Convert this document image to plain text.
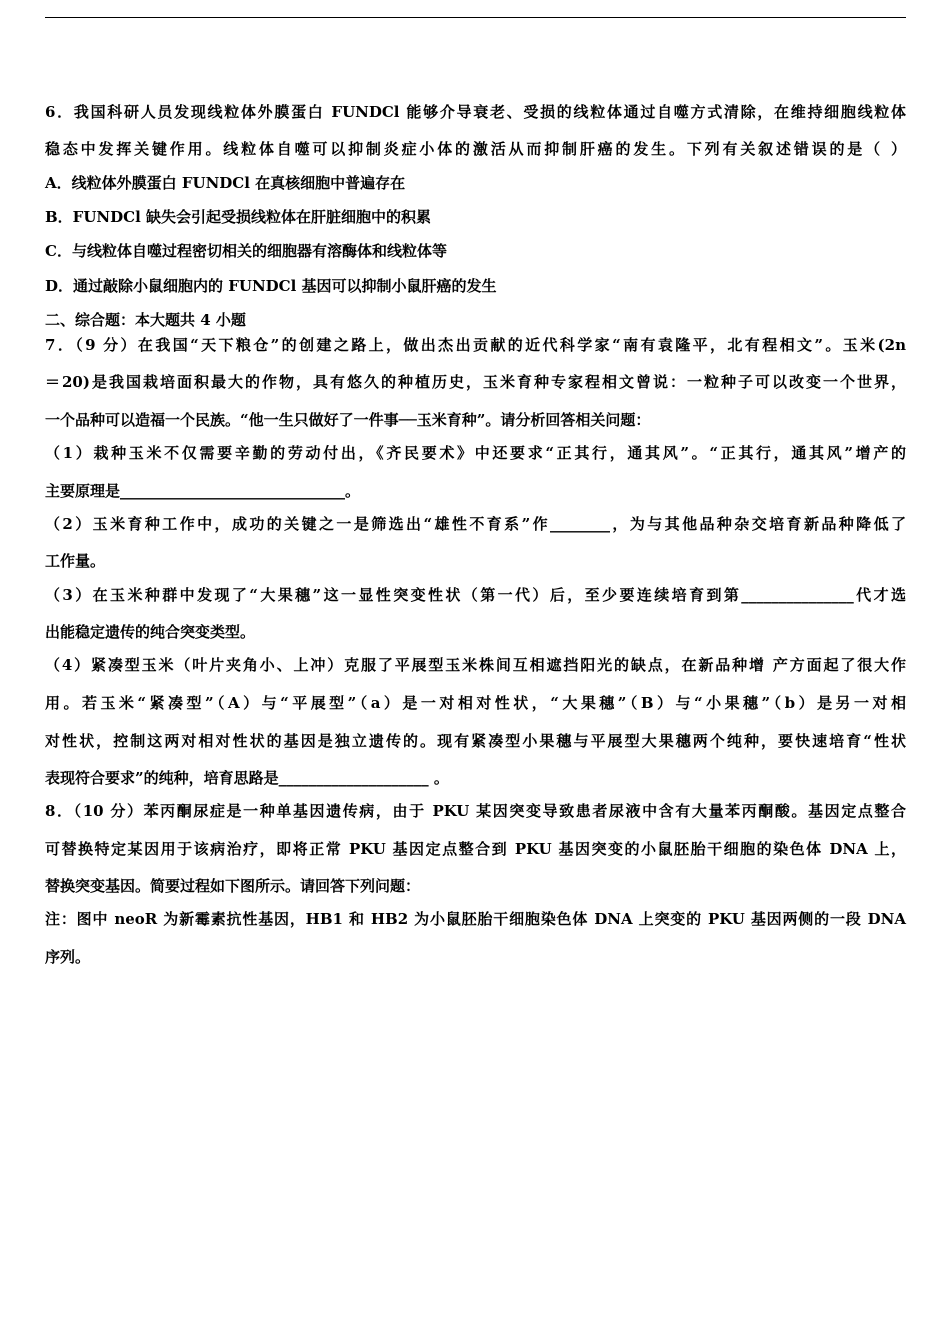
6．我国科研人员发现线粒体外膜蛋白 FUNDCl 能够介导衰老、受损的线粒体通过自噬方式清除，在维持细胞线粒体
稳态中发挥关键作用。线粒体自噬可以抑制炎症小体的激活从而抑制肝癌的发生。下列有关叙述错误的是（ ）
A．线粒体外膜蛋白 FUNDCl 在真核细胞中普遍存在
B．FUNDCl 缺失会引起受损线粒体在肝脏细胞中的积累
C．与线粒体自噬过程密切相关的细胞器有溶酶体和线粒体等
D．通过敲除小鼠细胞内的 FUNDCl 基因可以抑制小鼠肝癌的发生
二、综合题：本大题共 4 小题
7．（9 分）在我国“天下粮仓”的创建之路上，做出杰出贡献的近代科学家“南有袁隆平，北有程相文”。玉米(2n
＝20)是我国栽培面积最大的作物，具有悠久的种植历史，玉米育种专家程相文曾说：一粒种子可以改变一个世界，
一个品种可以造福一个民族。“他一生只做好了一件事──玉米育种”。请分析回答相关问题：
（1）栽种玉米不仅需要辛勤的劳动付出，《齐民要术》中还要求“正其行，通其风”。“正其行，通其风”增产的
主要原理是______________________________。
（2）玉米育种工作中，成功的关键之一是筛选出“雄性不育系”作________，为与其他品种杂交培育新品种降低了
工作量。
（3）在玉米种群中发现了“大果穗”这一显性突变性状（第一代）后，至少要连续培育到第_______________代才选
出能稳定遗传的纯合突变类型。
（4）紧凑型玉米（叶片夹角小、上冲）克服了平展型玉米株间互相遮挡阳光的缺点，在新品种增 产方面起了很大作
用。若玉米“紧凑型”（A）与“平展型”（a）是一对相对性状，“大果穗”（B）与“小果穗”（b）是另一对相
对性状，控制这两对相对性状的基因是独立遗传的。现有紧凑型小果穗与平展型大果穗两个纯种，要快速培育“性状
表现符合要求”的纯种，培育思路是____________________ 。
8．（10 分）苯丙酮尿症是一种单基因遗传病，由于 PKU 某因突变导致患者尿液中含有大量苯丙酮酸。基因定点整合
可替换特定某因用于该病治疗，即将正常 PKU 基因定点整合到 PKU 基因突变的小鼠胚胎干细胞的染色体 DNA 上，
替换突变基因。简要过程如下图所示。请回答下列问题：
注：图中 neoR 为新霉素抗性基因，HB1 和 HB2 为小鼠胚胎干细胞染色体 DNA 上突变的 PKU 基因两侧的一段 DNA
序列。
